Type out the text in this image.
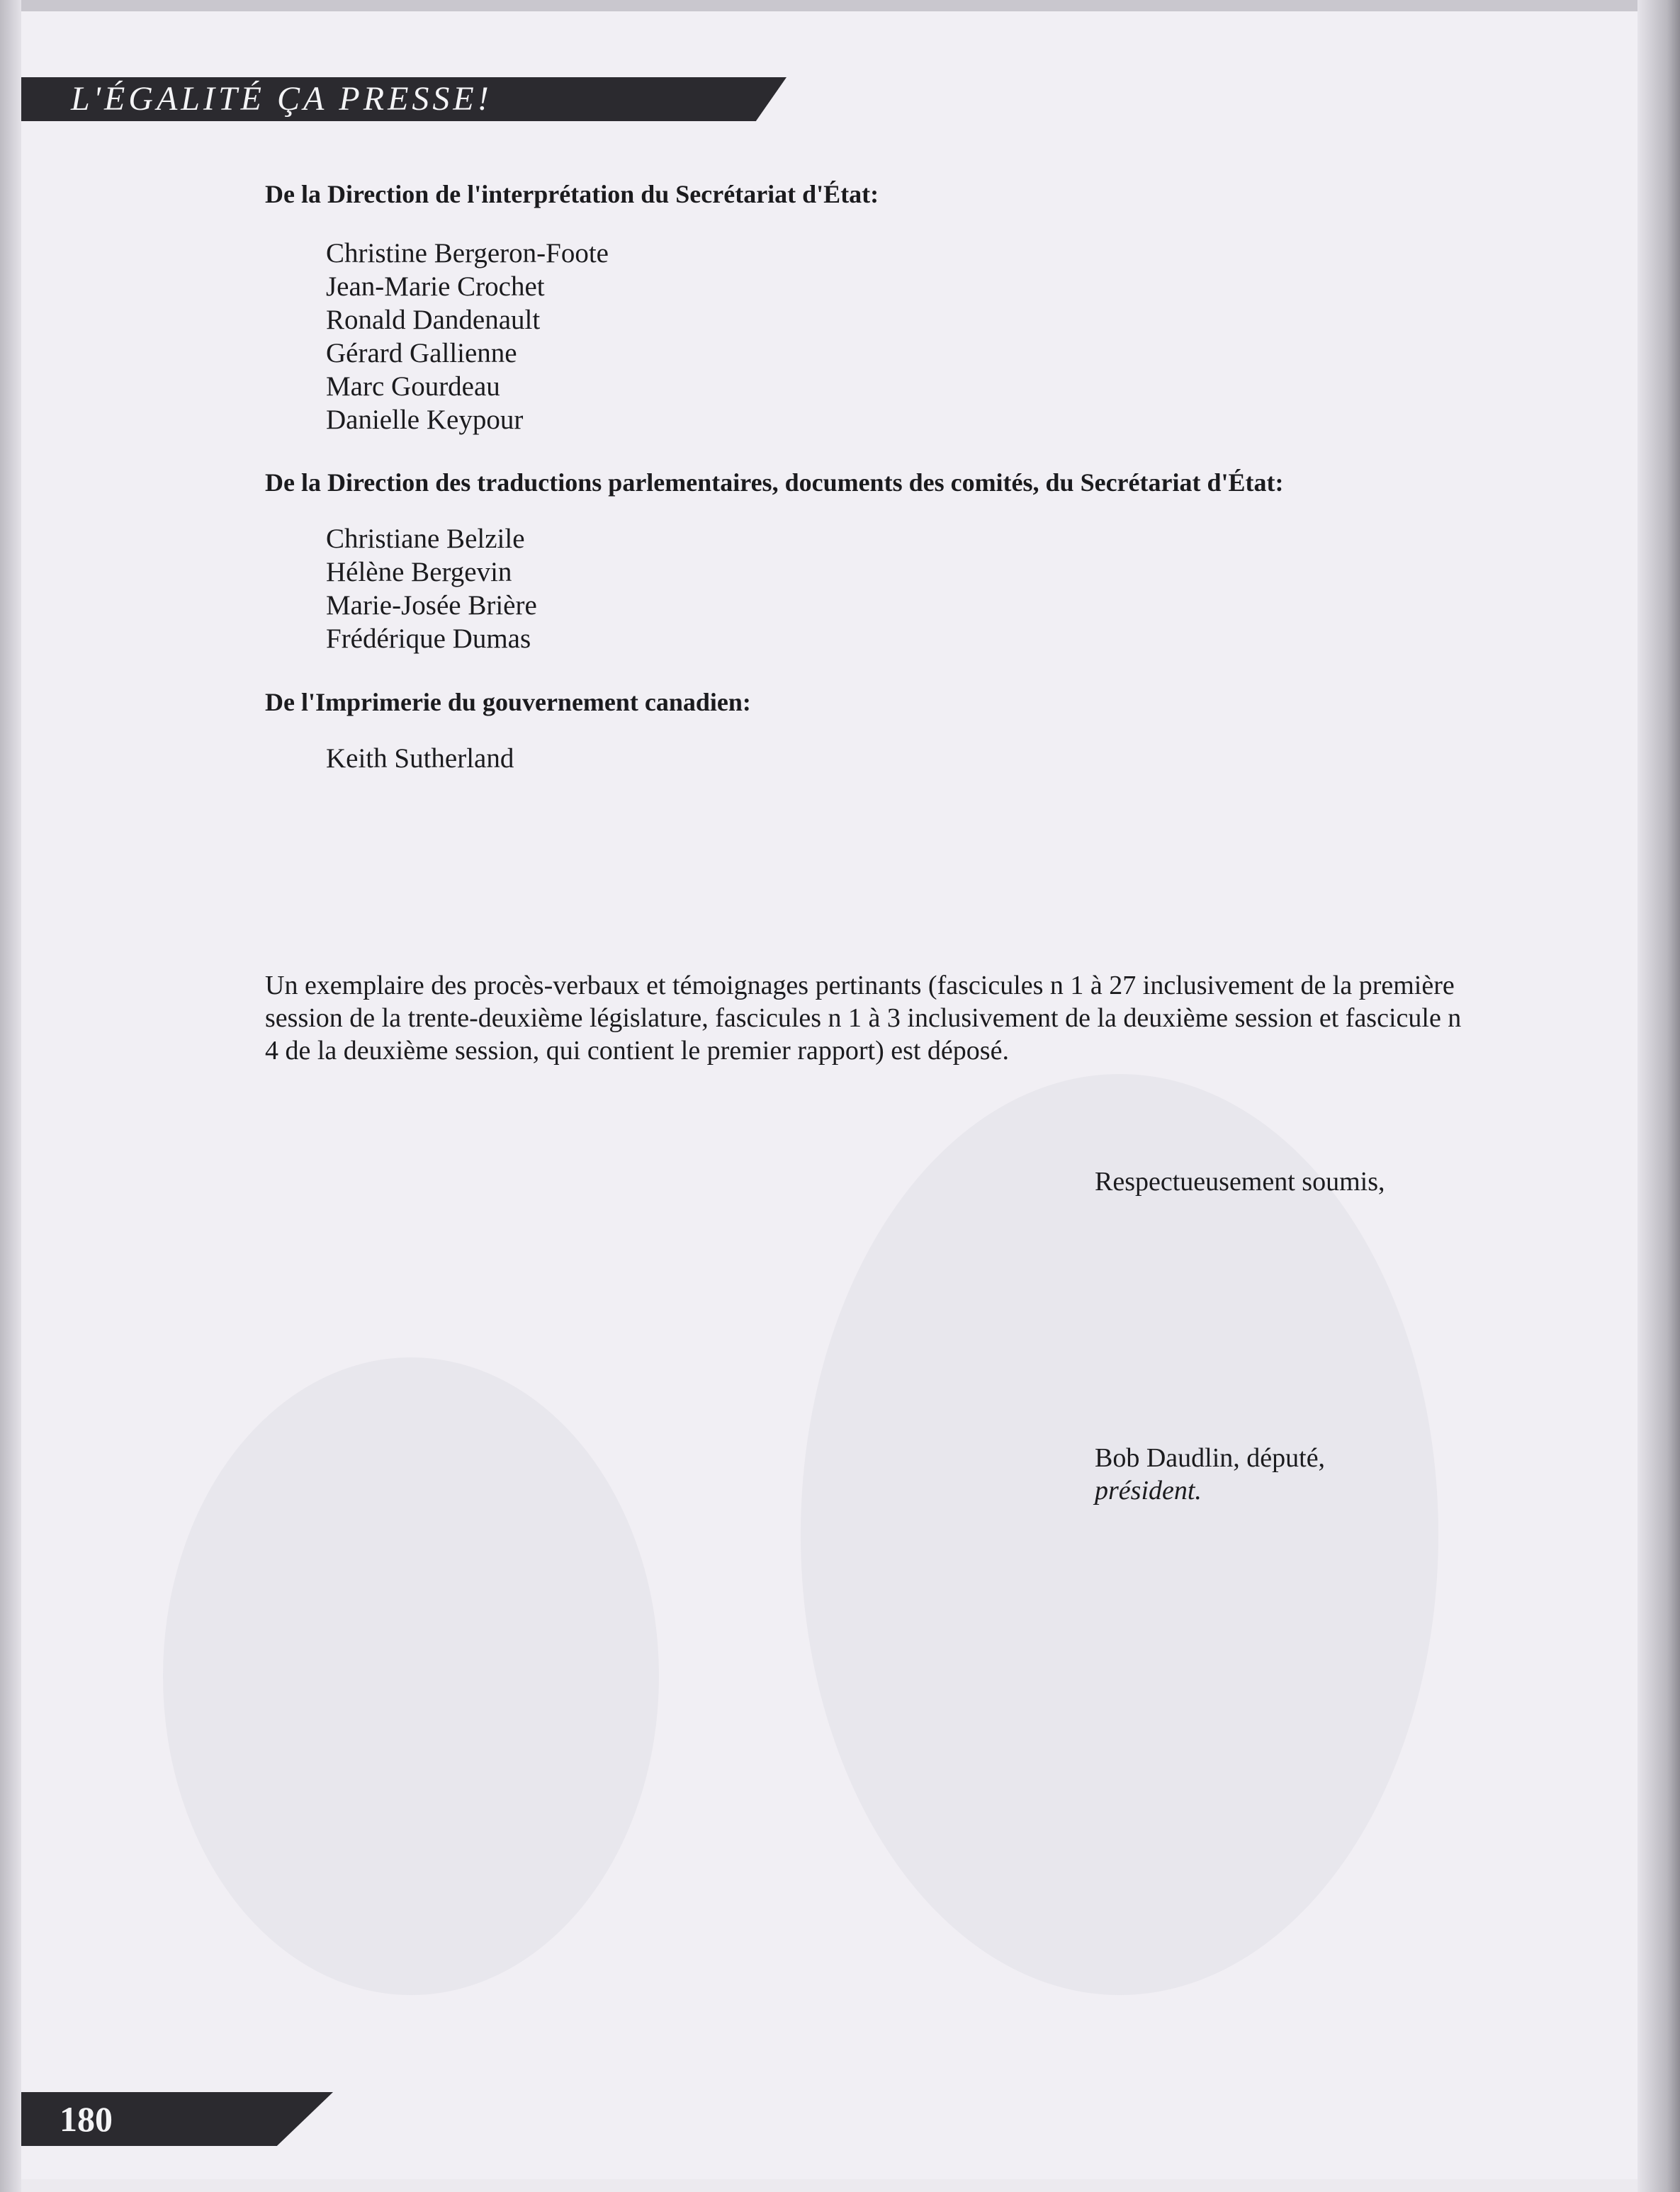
L'ÉGALITÉ ÇA PRESSE!
De la Direction de l'interprétation du Secrétariat d'État:
Christine Bergeron-Foote
Jean-Marie Crochet
Ronald Dandenault
Gérard Gallienne
Marc Gourdeau
Danielle Keypour
De la Direction des traductions parlementaires, documents des comités, du Secrétariat d'État:
Christiane Belzile
Hélène Bergevin
Marie-Josée Brière
Frédérique Dumas
De l'Imprimerie du gouvernement canadien:
Keith Sutherland

Un exemplaire des procès-verbaux et témoignages pertinants (fascicules n 1 à 27 inclusivement de la première session de la trente-deuxième législature, fascicules n 1 à 3 inclusivement de la deuxième session et fascicule n 4 de la deuxième session, qui contient le premier rapport) est déposé.

Respectueusement soumis,
Bob Daudlin, député,
président.
180
